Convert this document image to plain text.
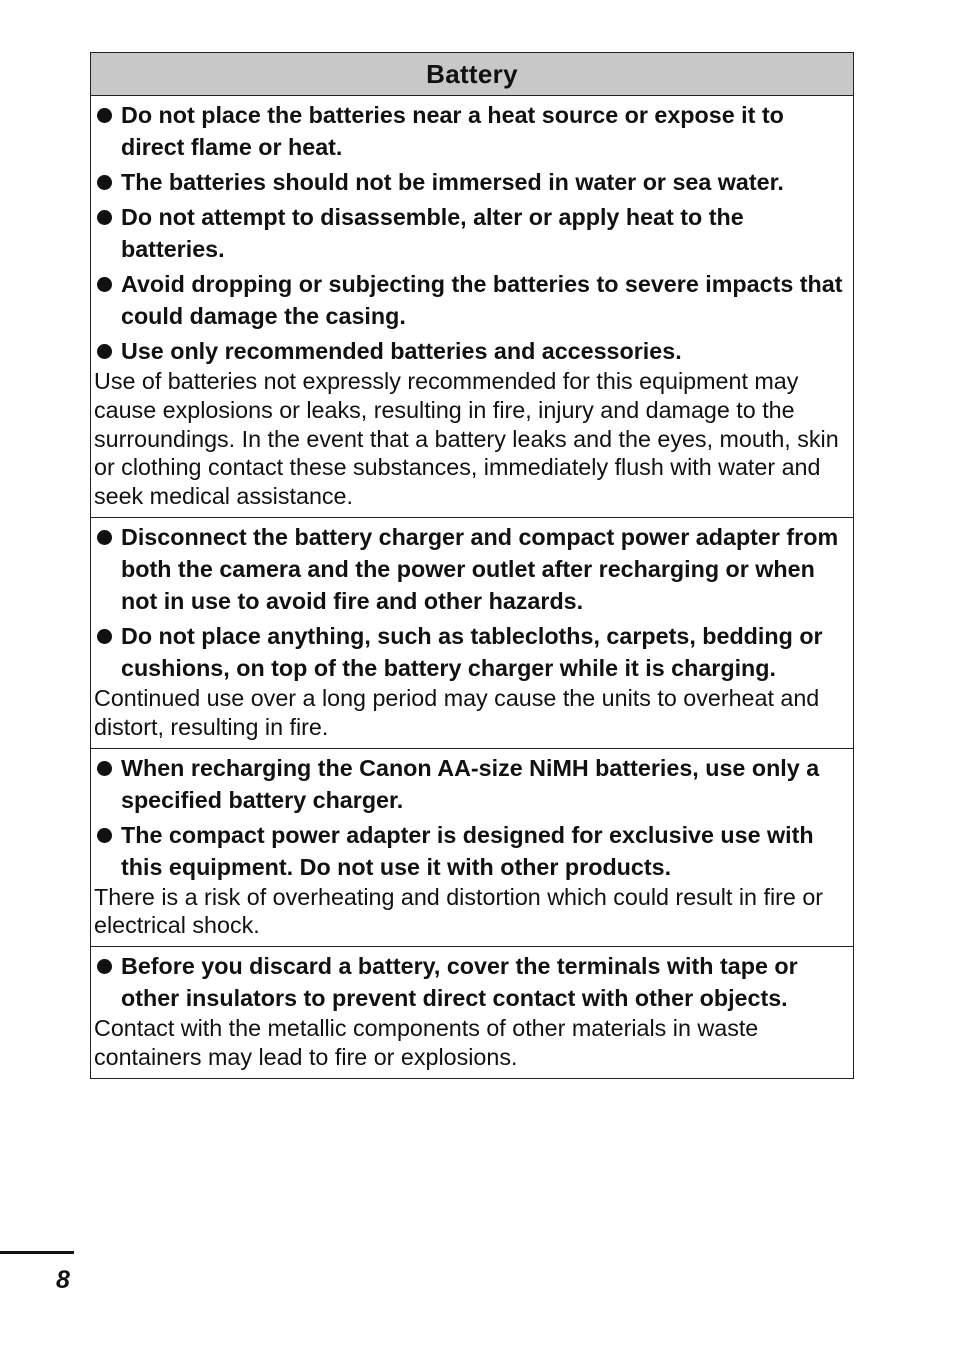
Battery
Do not place the batteries near a heat source or expose it to direct flame or heat.
The batteries should not be immersed in water or sea water.
Do not attempt to disassemble, alter or apply heat to the batteries.
Avoid dropping or subjecting the batteries to severe impacts that could damage the casing.
Use only recommended batteries and accessories.
Use of batteries not expressly recommended for this equipment may cause explosions or leaks, resulting in fire, injury and damage to the surroundings. In the event that a battery leaks and the eyes, mouth, skin or clothing contact these substances, immediately flush with water and seek medical assistance.
Disconnect the battery charger and compact power adapter from both the camera and the power outlet after recharging or when not in use to avoid fire and other hazards.
Do not place anything, such as tablecloths, carpets, bedding or cushions, on top of the battery charger while it is charging.
Continued use over a long period may cause the units to overheat and distort, resulting in fire.
When recharging the Canon AA-size NiMH batteries, use only a specified battery charger.
The compact power adapter is designed for exclusive use with this equipment. Do not use it with other products.
There is a risk of overheating and distortion which could result in fire or electrical shock.
Before you discard a battery, cover the terminals with tape or other insulators to prevent direct contact with other objects.
Contact with the metallic components of other materials in waste containers may lead to fire or explosions.
8
